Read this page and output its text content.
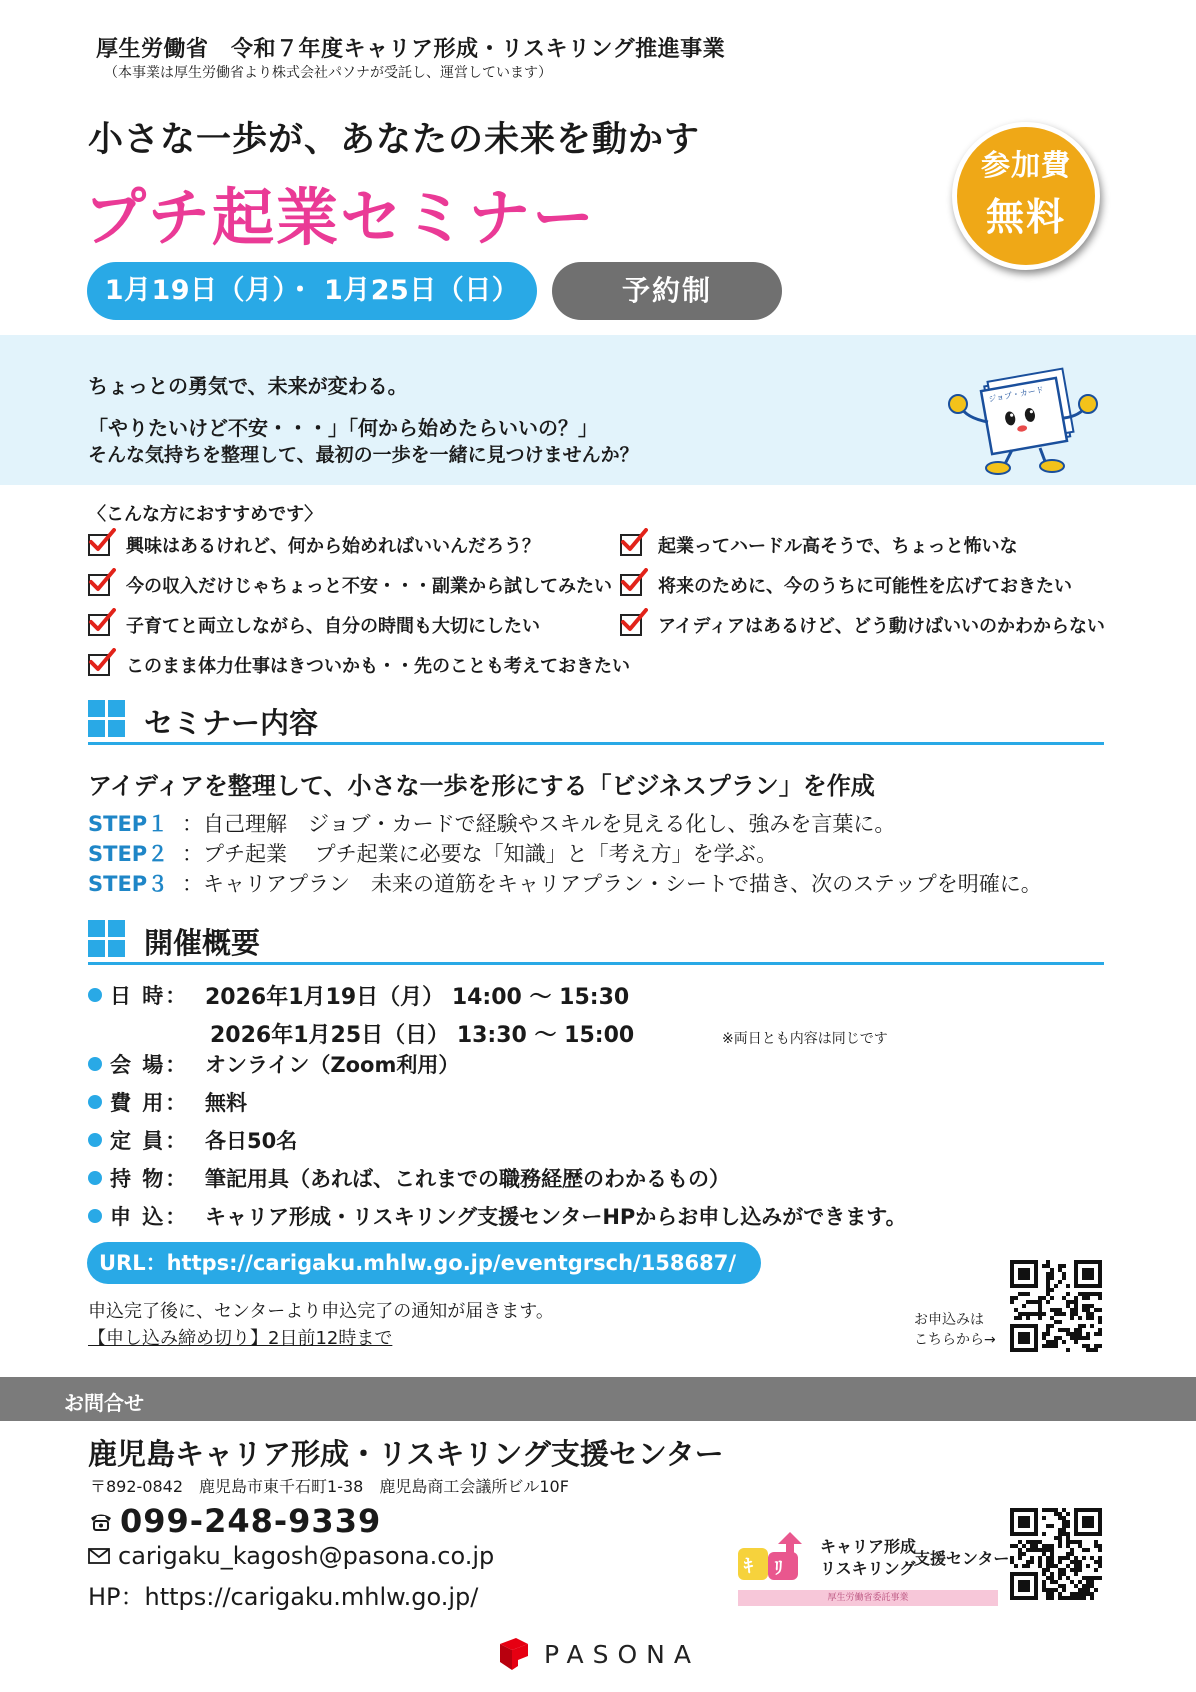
厚生労働省　令和７年度キャリア形成・リスキリング推進事業
（本事業は厚生労働省より株式会社パソナが受託し、運営しています）
小さな一歩が、あなたの未来を動かす
プチ起業セミナー
参加費
無料
1月19日（月）・ 1月25日（日）	予約制
ちょっとの勇気で、未来が変わる。
「やりたいけど不安・・・」「何から始めたらいいの？」
そんな気持ちを整理して、最初の一歩を一緒に見つけませんか？
ジョブ・カード
〈こんな方におすすめです〉
興味はあるけれど、何から始めればいいんだろう？	起業ってハードル高そうで、ちょっと怖いな
今の収入だけじゃちょっと不安・・・副業から試してみたい	将来のために、今のうちに可能性を広げておきたい
子育てと両立しながら、自分の時間も大切にしたい	アイディアはあるけど、どう動けばいいのかわからない
このまま体力仕事はきついかも・・先のことも考えておきたい
セミナー内容
アイディアを整理して、小さな一歩を形にする「ビジネスプラン」を作成
STEP１ ：自己理解　ジョブ・カードで経験やスキルを見える化し、強みを言葉に。
STEP２ ：プチ起業　 プチ起業に必要な「知識」と「考え方」を学ぶ。
STEP３ ：キャリアプラン　未来の道筋をキャリアプラン・シートで描き、次のステップを明確に。
開催概要
日 時： 2026年1月19日（月） 14:00 ～ 15:30
2026年1月25日（日） 13:30 ～ 15:00	※両日とも内容は同じです
会 場： オンライン（Zoom利用）
費 用： 無料
定 員： 各日50名
持 物： 筆記用具（あれば、これまでの職務経歴のわかるもの）
申 込： キャリア形成・リスキリング支援センターHPからお申し込みができます。
URL：https://carigaku.mhlw.go.jp/eventgrsch/158687/
申込完了後に、センターより申込完了の通知が届きます。
【申し込み締め切り】2日前12時まで
お申込みは
こちらから→
お問合せ
鹿児島キャリア形成・リスキリング支援センター
〒892-0842　鹿児島市東千石町1-38　鹿児島商工会議所ビル10F
099-248-9339
carigaku_kagosh@pasona.co.jp
HP：https://carigaku.mhlw.go.jp/
ｷ ﾘ
キャリア形成
リスキリング
支援センター
厚生労働省委託事業
PASONA
